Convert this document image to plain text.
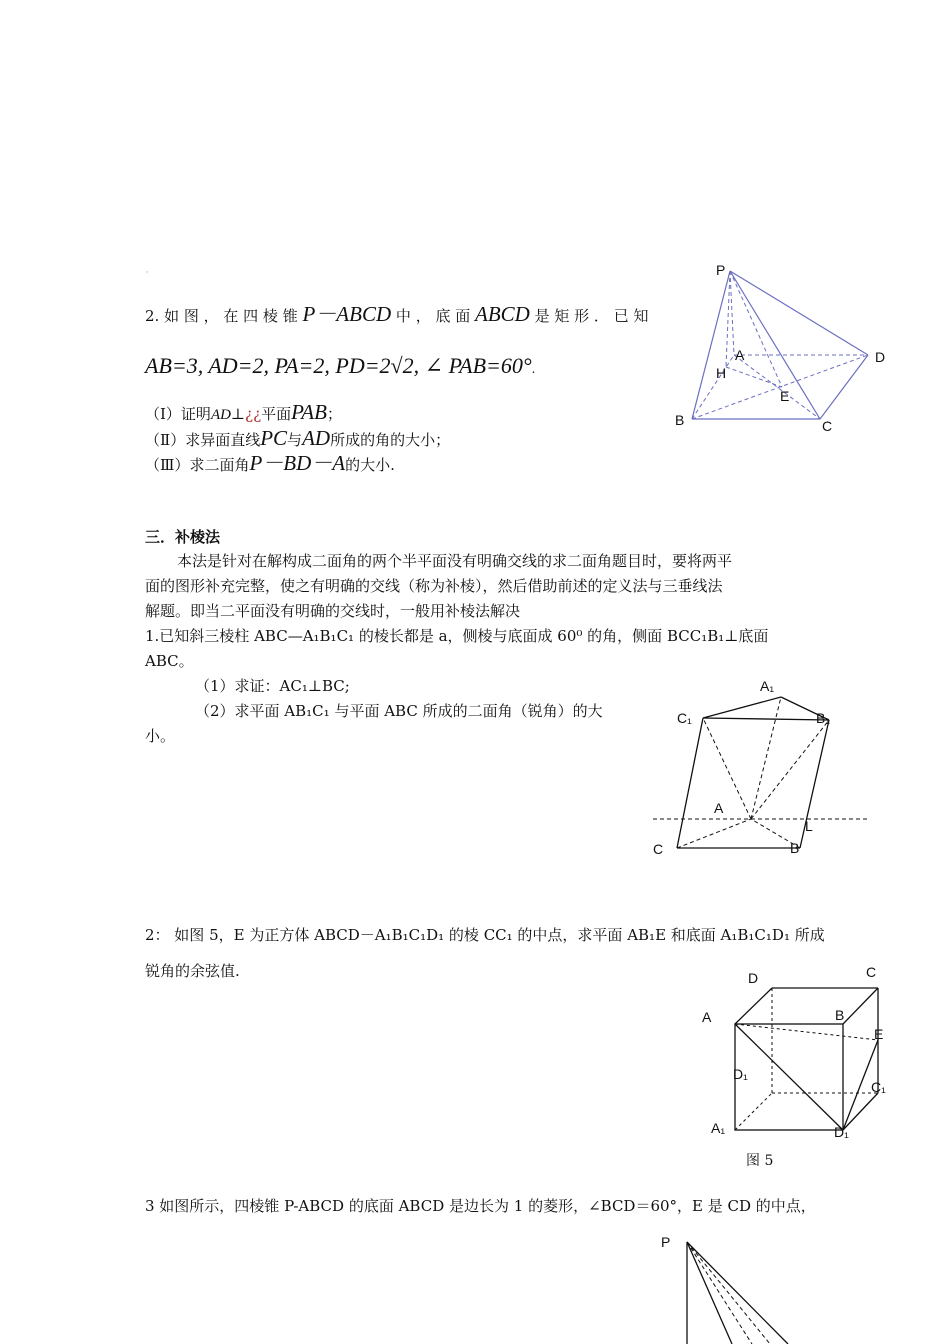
·
2. 如 图 ， 在 四 棱 锥 P－ABCD 中 ， 底 面 ABCD 是 矩 形 ． 已 知
AB=3, AD=2, PA=2, PD=2√2, ∠ PAB=60°.
（Ⅰ）证明AD⊥¿¿平面PAB；
（Ⅱ）求异面直线PC与AD所成的角的大小；
（Ⅲ）求二面角P－BD－A的大小.
P
A	D
H
E
B	C
三．补棱法
本法是针对在解构成二面角的两个半平面没有明确交线的求二面角题目时，要将两平
面的图形补充完整，使之有明确的交线（称为补棱），然后借助前述的定义法与三垂线法
解题。即当二平面没有明确的交线时，一般用补棱法解决
1.已知斜三棱柱 ABC—A₁B₁C₁ 的棱长都是 a，侧棱与底面成 60⁰ 的角，侧面 BCC₁B₁⊥底面
ABC。
（1）求证：AC₁⊥BC;
（2）求平面 AB₁C₁ 与平面 ABC 所成的二面角（锐角）的大
小。
A₁
C₁	B₁
A
L
C	B
2： 如图 5，E 为正方体 ABCD－A₁B₁C₁D₁ 的棱 CC₁ 的中点，求平面 AB₁E 和底面 A₁B₁C₁D₁ 所成
锐角的余弦值.	D	C
A	B
E
D₁
C₁
A₁	D₁
图 5
3 如图所示，四棱锥 P-ABCD 的底面 ABCD 是边长为 1 的菱形，∠BCD＝60°，E 是 CD 的中点，
P
